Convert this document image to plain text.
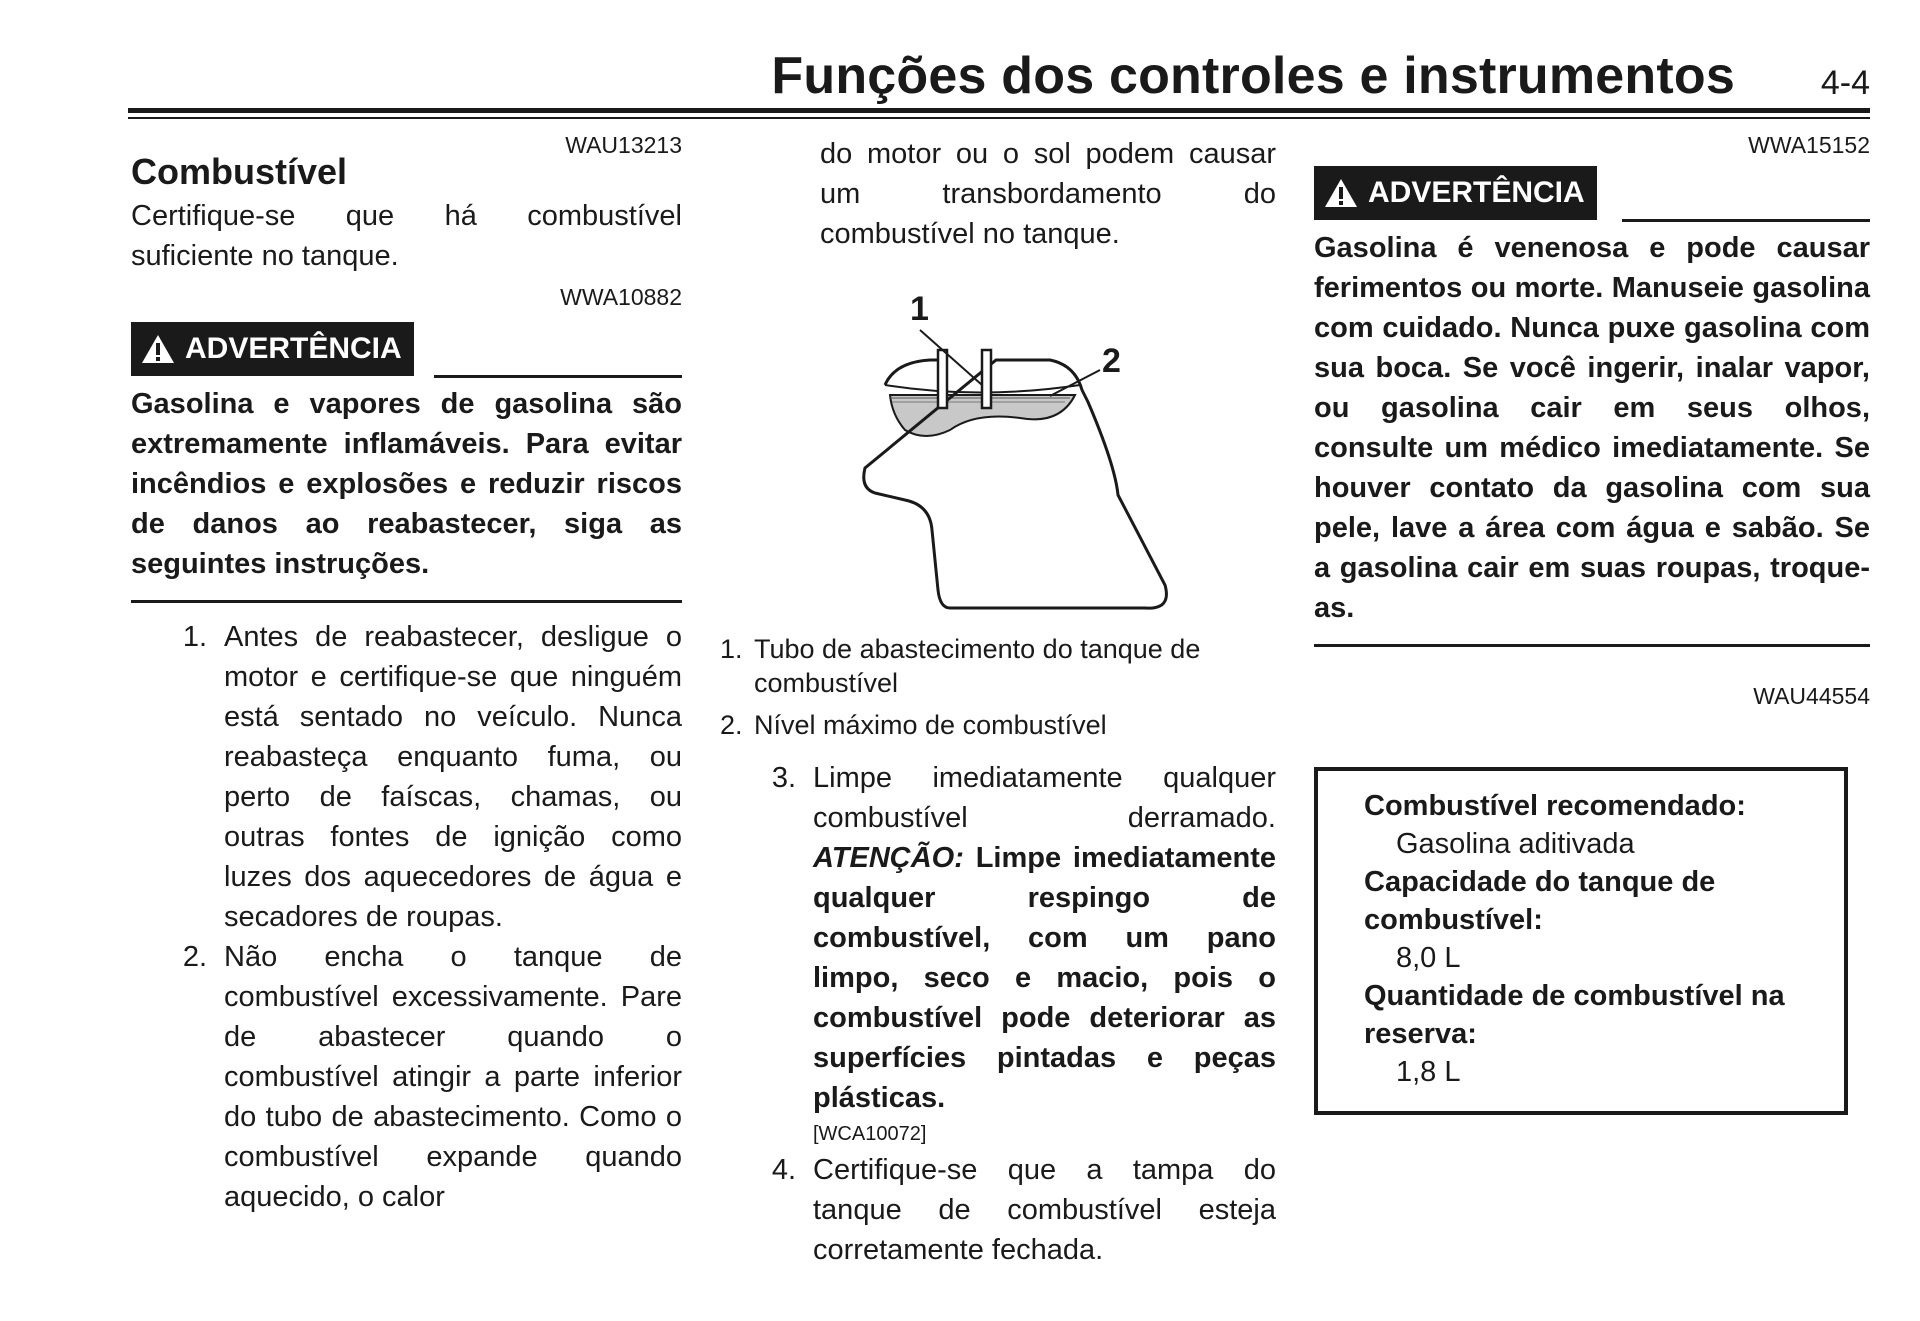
Funções dos controles e instrumentos	4-4
WAU13213
Combustível
Certifique-se que há combustível suficiente no tanque.
WWA10882
ADVERTÊNCIA
Gasolina e vapores de gasolina são extremamente inflamáveis. Para evitar incêndios e explosões e reduzir riscos de danos ao reabastecer, siga as seguintes instruções.
1. Antes de reabastecer, desligue o motor e certifique-se que ninguém está sentado no veículo. Nunca reabasteça enquanto fuma, ou perto de faíscas, chamas, ou outras fontes de ignição como luzes dos aquecedores de água e secadores de roupas.
2. Não encha o tanque de combustível excessivamente. Pare de abastecer quando o combustível atingir a parte inferior do tubo de abastecimento. Como o combustível expande quando aquecido, o calor
do motor ou o sol podem causar um transbordamento do combustível no tanque.
1
2
1. Tubo de abastecimento do tanque de combustível
2. Nível máximo de combustível
3. Limpe imediatamente qualquer combustível derramado. ATENÇÃO: Limpe imediatamente qualquer respingo de combustível, com um pano limpo, seco e macio, pois o combustível pode deteriorar as superfícies pintadas e peças plásticas.
[WCA10072]
4. Certifique-se que a tampa do tanque de combustível esteja corretamente fechada.
WWA15152
ADVERTÊNCIA
Gasolina é venenosa e pode causar ferimentos ou morte. Manuseie gasolina com cuidado. Nunca puxe gasolina com sua boca. Se você ingerir, inalar vapor, ou gasolina cair em seus olhos, consulte um médico imediatamente. Se houver contato da gasolina com sua pele, lave a área com água e sabão. Se a gasolina cair em suas roupas, troque-as.
WAU44554
Combustível recomendado:
Gasolina aditivada
Capacidade do tanque de combustível:
8,0 L
Quantidade de combustível na reserva:
1,8 L
